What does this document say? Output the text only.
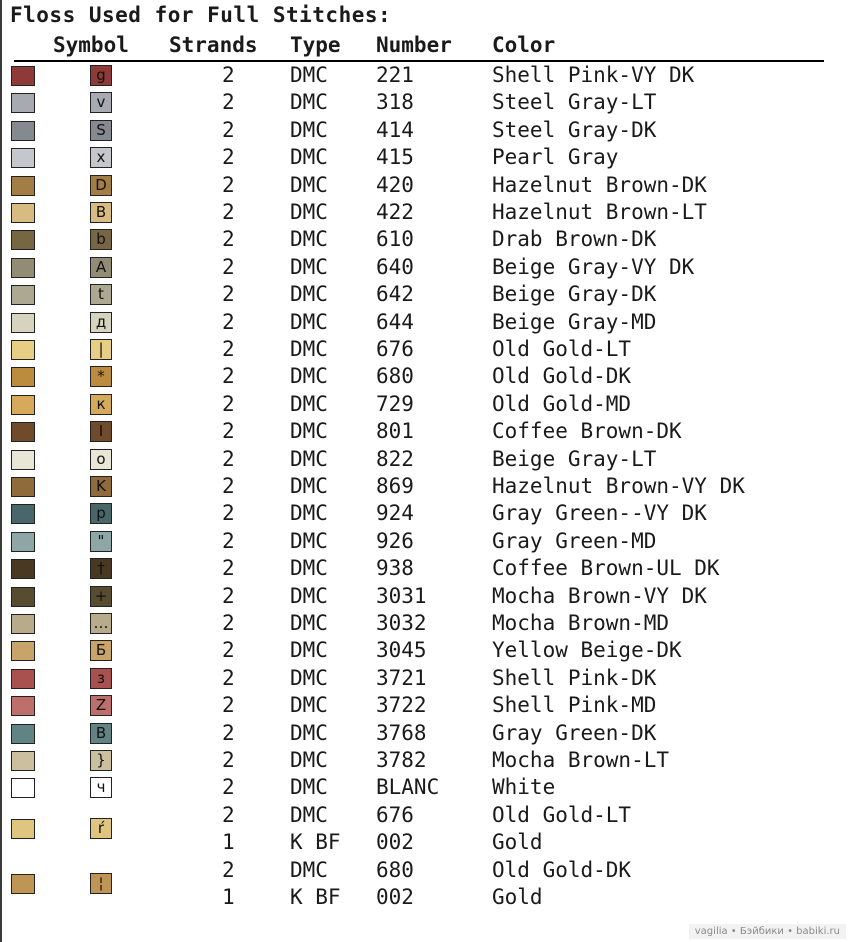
Floss Used for Full Stitches:
Symbol Strands Type Number Color
g	2	DMC 221	Shell Pink-VY DK
v	2	DMC 318	Steel Gray-LT
S	2	DMC 414	Steel Gray-DK
x	2	DMC 415	Pearl Gray
D	2	DMC 420	Hazelnut Brown-DK
B	2	DMC 422	Hazelnut Brown-LT
b	2	DMC 610	Drab Brown-DK
A	2	DMC 640	Beige Gray-VY DK
t	2	DMC 642	Beige Gray-DK
д	2	DMC 644	Beige Gray-MD
|	2	DMC 676	Old Gold-LT
*	2	DMC 680	Old Gold-DK
к	2	DMC 729	Old Gold-MD
I	2	DMC 801	Coffee Brown-DK
o	2	DMC 822	Beige Gray-LT
K	2	DMC 869	Hazelnut Brown-VY DK
p	2	DMC 924	Gray Green--VY DK
"	2	DMC 926	Gray Green-MD
†	2	DMC 938	Coffee Brown-UL DK
+	2	DMC 3031	Mocha Brown-VY DK
…	2	DMC 3032	Mocha Brown-MD
Б	2	DMC 3045	Yellow Beige-DK
з	2	DMC 3721	Shell Pink-DK
Z	2	DMC 3722	Shell Pink-MD
В	2	DMC 3768	Gray Green-DK
}	2	DMC 3782	Mocha Brown-LT
ч	2	DMC BLANC	White
ŕ
2	DMC 676	Old Gold-LT
1	K BF 002	Gold
¦
2	DMC 680	Old Gold-DK
1	K BF 002	Gold
vagilia • Бэйбики • babiki.ru
